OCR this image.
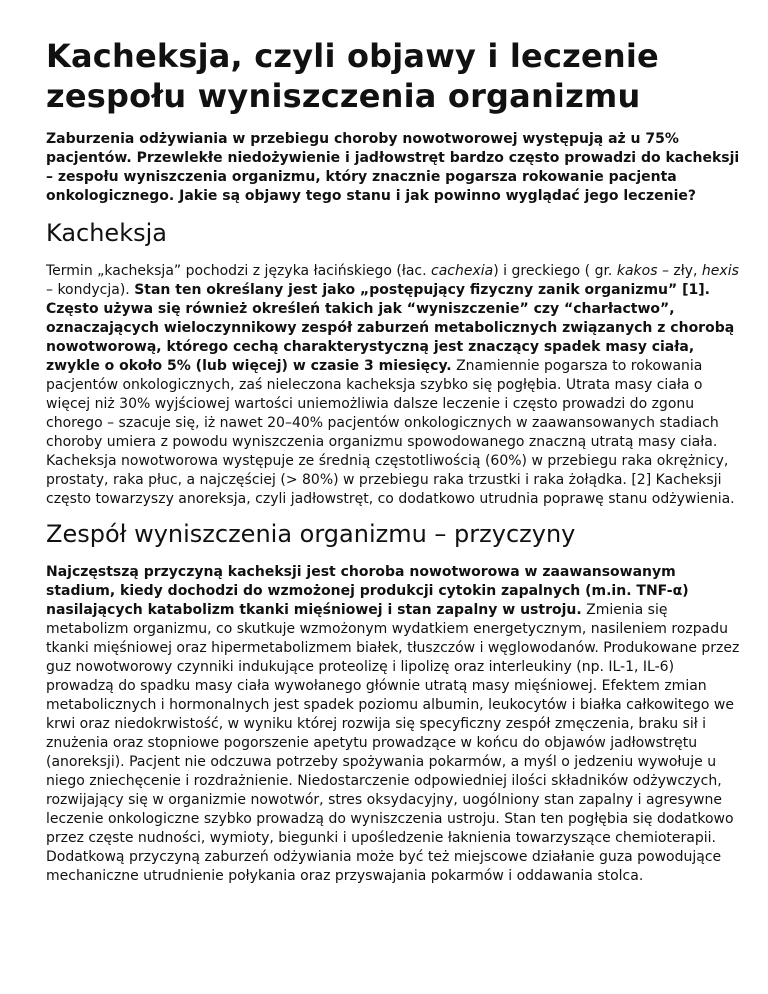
Kacheksja, czyli objawy i leczenie zespołu wyniszczenia organizmu

Zaburzenia odżywiania w przebiegu choroby nowotworowej występują aż u 75% pacjentów. Przewlekłe niedożywienie i jadłowstręt bardzo często prowadzi do kacheksji – zespołu wyniszczenia organizmu, który znacznie pogarsza rokowanie pacjenta onkologicznego. Jakie są objawy tego stanu i jak powinno wyglądać jego leczenie?

Kacheksja

Termin „kacheksja” pochodzi z języka łacińskiego (łac. cachexia) i greckiego ( gr. kakos – zły, hexis – kondycja). Stan ten określany jest jako „postępujący fizyczny zanik organizmu” [1]. Często używa się również określeń takich jak “wyniszczenie” czy “charłactwo”, oznaczających wieloczynnikowy zespół zaburzeń metabolicznych związanych z chorobą nowotworową, którego cechą charakterystyczną jest znaczący spadek masy ciała, zwykle o około 5% (lub więcej) w czasie 3 miesięcy. Znamiennie pogarsza to rokowania pacjentów onkologicznych, zaś nieleczona kacheksja szybko się pogłębia. Utrata masy ciała o więcej niż 30% wyjściowej wartości uniemożliwia dalsze leczenie i często prowadzi do zgonu chorego – szacuje się, iż nawet 20–40% pacjentów onkologicznych w zaawansowanych stadiach choroby umiera z powodu wyniszczenia organizmu spowodowanego znaczną utratą masy ciała. Kacheksja nowotworowa występuje ze średnią częstotliwością (60%) w przebiegu raka okrężnicy, prostaty, raka płuc, a najczęściej (> 80%) w przebiegu raka trzustki i raka żołądka. [2] Kacheksji często towarzyszy anoreksja, czyli jadłowstręt, co dodatkowo utrudnia poprawę stanu odżywienia.

Zespół wyniszczenia organizmu – przyczyny

Najczęstszą przyczyną kacheksji jest choroba nowotworowa w zaawansowanym stadium, kiedy dochodzi do wzmożonej produkcji cytokin zapalnych (m.in. TNF-α) nasilających katabolizm tkanki mięśniowej i stan zapalny w ustroju. Zmienia się metabolizm organizmu, co skutkuje wzmożonym wydatkiem energetycznym, nasileniem rozpadu tkanki mięśniowej oraz hipermetabolizmem białek, tłuszczów i węglowodanów. Produkowane przez guz nowotworowy czynniki indukujące proteolizę i lipolizę oraz interleukiny (np. IL-1, IL-6) prowadzą do spadku masy ciała wywołanego głównie utratą masy mięśniowej. Efektem zmian metabolicznych i hormonalnych jest spadek poziomu albumin, leukocytów i białka całkowitego we krwi oraz niedokrwistość, w wyniku której rozwija się specyficzny zespół zmęczenia, braku sił i znużenia oraz stopniowe pogorszenie apetytu prowadzące w końcu do objawów jadłowstrętu (anoreksji). Pacjent nie odczuwa potrzeby spożywania pokarmów, a myśl o jedzeniu wywołuje u niego zniechęcenie i rozdrażnienie. Niedostarczenie odpowiedniej ilości składników odżywczych, rozwijający się w organizmie nowotwór, stres oksydacyjny, uogólniony stan zapalny i agresywne leczenie onkologiczne szybko prowadzą do wyniszczenia ustroju. Stan ten pogłębia się dodatkowo przez częste nudności, wymioty, biegunki i upośledzenie łaknienia towarzyszące chemioterapii. Dodatkową przyczyną zaburzeń odżywiania może być też miejscowe działanie guza powodujące mechaniczne utrudnienie połykania oraz przyswajania pokarmów i oddawania stolca.
